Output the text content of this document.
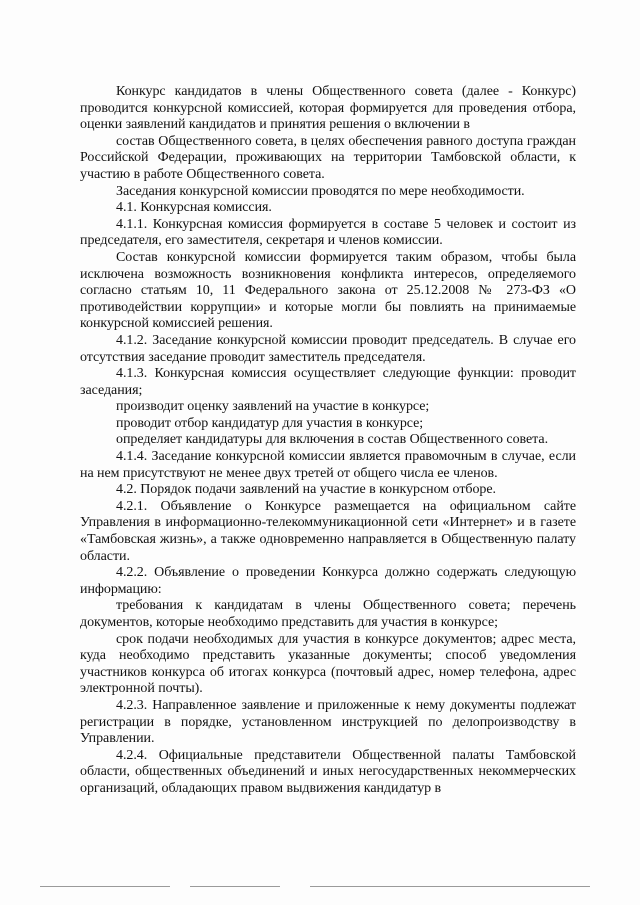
Конкурс кандидатов в члены Общественного совета (далее - Конкурс) проводится конкурсной комиссией, которая формируется для проведения отбора, оценки заявлений кандидатов и принятия решения о включении в

состав Общественного совета, в целях обеспечения равного доступа граждан Российской Федерации, проживающих на территории Тамбовской области, к участию в работе Общественного совета.

Заседания конкурсной комиссии проводятся по мере необходимости.

4.1. Конкурсная комиссия.

4.1.1. Конкурсная комиссия формируется в составе 5 человек и состоит из председателя, его заместителя, секретаря и членов комиссии.

Состав конкурсной комиссии формируется таким образом, чтобы была исключена возможность возникновения конфликта интересов, определяемого согласно статьям 10, 11 Федерального закона от 25.12.2008 № 273-ФЗ «О противодействии коррупции» и которые могли бы повлиять на принимаемые конкурсной комиссией решения.

4.1.2. Заседание конкурсной комиссии проводит председатель. В случае его отсутствия заседание проводит заместитель председателя.

4.1.3. Конкурсная комиссия осуществляет следующие функции: проводит заседания;

производит оценку заявлений на участие в конкурсе;

проводит отбор кандидатур для участия в конкурсе;

определяет кандидатуры для включения в состав Общественного совета.

4.1.4. Заседание конкурсной комиссии является правомочным в случае, если на нем присутствуют не менее двух третей от общего числа ее членов.

4.2. Порядок подачи заявлений на участие в конкурсном отборе.

4.2.1. Объявление о Конкурсе размещается на официальном сайте Управления в информационно-телекоммуникационной сети «Интернет» и в газете «Тамбовская жизнь», а также одновременно направляется в Общественную палату области.

4.2.2. Объявление о проведении Конкурса должно содержать следующую информацию:

требования к кандидатам в члены Общественного совета; перечень документов, которые необходимо представить для участия в конкурсе;

срок подачи необходимых для участия в конкурсе документов; адрес места, куда необходимо представить указанные документы; способ уведомления участников конкурса об итогах конкурса (почтовый адрес, номер телефона, адрес электронной почты).

4.2.3. Направленное заявление и приложенные к нему документы подлежат регистрации в порядке, установленном инструкцией по делопроизводству в Управлении.

4.2.4. Официальные представители Общественной палаты Тамбовской области, общественных объединений и иных негосударственных некоммерческих организаций, обладающих правом выдвижения кандидатур в
